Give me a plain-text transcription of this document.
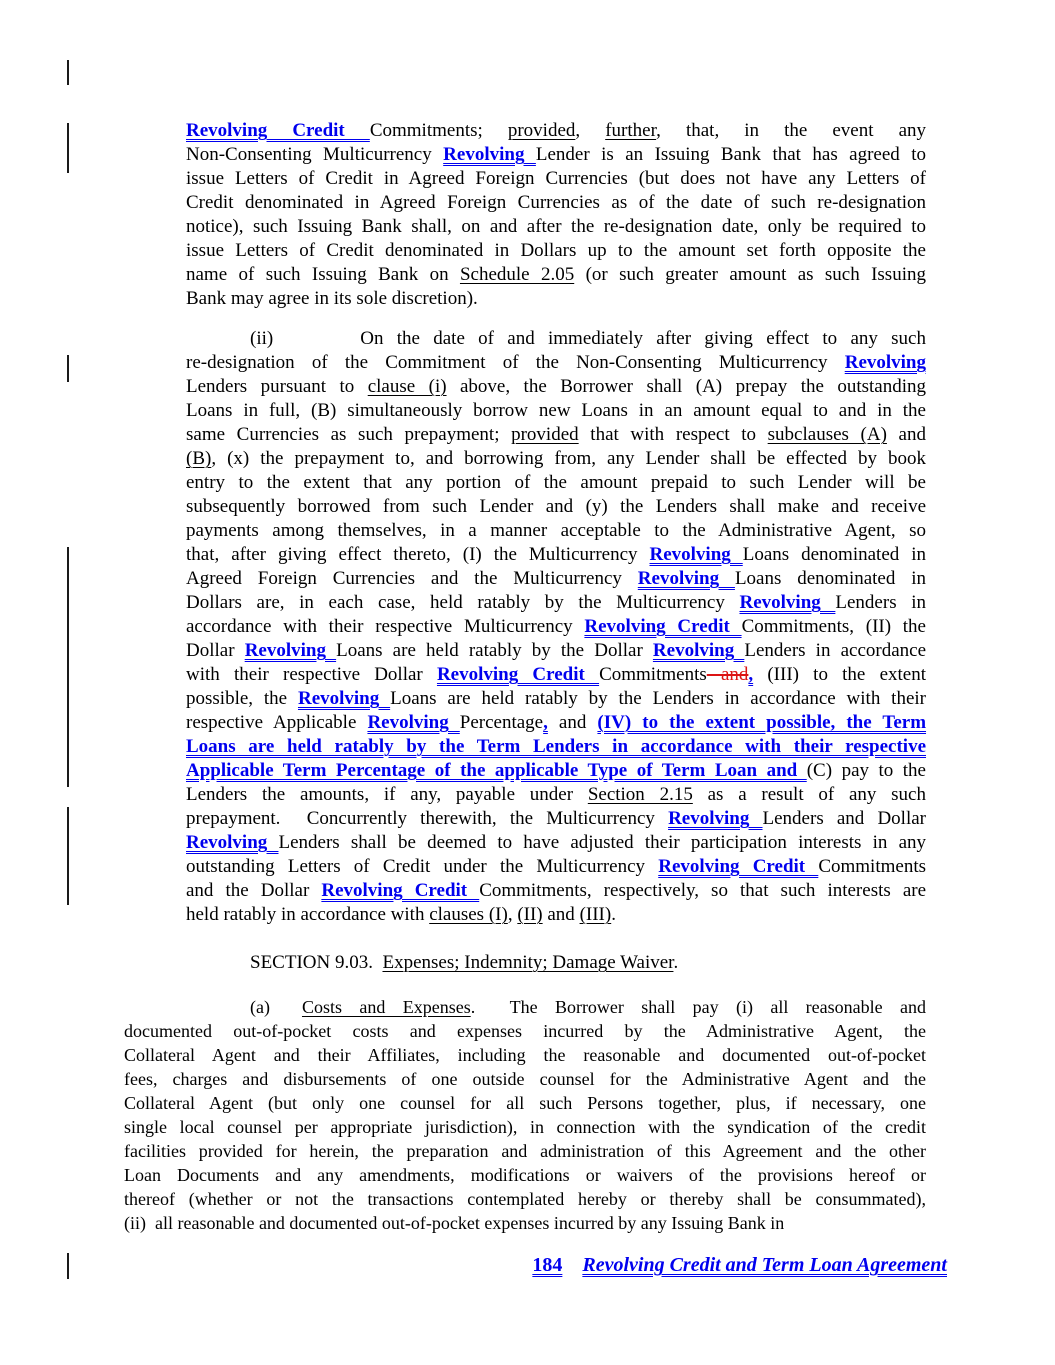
Revolving Credit Commitments; provided, further, that, in the event any
Non-Consenting Multicurrency Revolving Lender is an Issuing Bank that has agreed to
issue Letters of Credit in Agreed Foreign Currencies (but does not have any Letters of
Credit denominated in Agreed Foreign Currencies as of the date of such re-designation
notice), such Issuing Bank shall, on and after the re-designation date, only be required to
issue Letters of Credit denominated in Dollars up to the amount set forth opposite the
name of such Issuing Bank on Schedule 2.05 (or such greater amount as such Issuing
Bank may agree in its sole discretion).
(ii)	On the date of and immediately after giving effect to any such
re-designation of the Commitment of the Non-Consenting Multicurrency Revolving
Lenders pursuant to clause (i) above, the Borrower shall (A) prepay the outstanding
Loans in full, (B) simultaneously borrow new Loans in an amount equal to and in the
same Currencies as such prepayment; provided that with respect to subclauses (A) and
(B), (x) the prepayment to, and borrowing from, any Lender shall be effected by book
entry to the extent that any portion of the amount prepaid to such Lender will be
subsequently borrowed from such Lender and (y) the Lenders shall make and receive
payments among themselves, in a manner acceptable to the Administrative Agent, so
that, after giving effect thereto, (I) the Multicurrency Revolving Loans denominated in
Agreed Foreign Currencies and the Multicurrency Revolving Loans denominated in
Dollars are, in each case, held ratably by the Multicurrency Revolving Lenders in
accordance with their respective Multicurrency Revolving Credit Commitments, (II) the
Dollar Revolving Loans are held ratably by the Dollar Revolving Lenders in accordance
with their respective Dollar Revolving Credit Commitments and, (III) to the extent
possible, the Revolving Loans are held ratably by the Lenders in accordance with their
respective Applicable Revolving Percentage, and (IV) to the extent possible, the Term
Loans are held ratably by the Term Lenders in accordance with their respective
Applicable Term Percentage of the applicable Type of Term Loan and (C) pay to the
Lenders the amounts, if any, payable under Section 2.15 as a result of any such
prepayment.  Concurrently therewith, the Multicurrency Revolving Lenders and Dollar
Revolving Lenders shall be deemed to have adjusted their participation interests in any
outstanding Letters of Credit under the Multicurrency Revolving Credit Commitments
and the Dollar Revolving Credit Commitments, respectively, so that such interests are
held ratably in accordance with clauses (I), (II) and (III).
SECTION 9.03.  Expenses; Indemnity; Damage Waiver.
(a) Costs and Expenses.  The Borrower shall pay (i) all reasonable and
documented out-of-pocket costs and expenses incurred by the Administrative Agent, the
Collateral Agent and their Affiliates, including the reasonable and documented out-of-pocket
fees, charges and disbursements of one outside counsel for the Administrative Agent and the
Collateral Agent (but only one counsel for all such Persons together, plus, if necessary, one
single local counsel per appropriate jurisdiction), in connection with the syndication of the credit
facilities provided for herein, the preparation and administration of this Agreement and the other
Loan Documents and any amendments, modifications or waivers of the provisions hereof or
thereof (whether or not the transactions contemplated hereby or thereby shall be consummated),
(ii)  all reasonable and documented out-of-pocket expenses incurred by any Issuing Bank in
184 Revolving Credit and Term Loan Agreement
